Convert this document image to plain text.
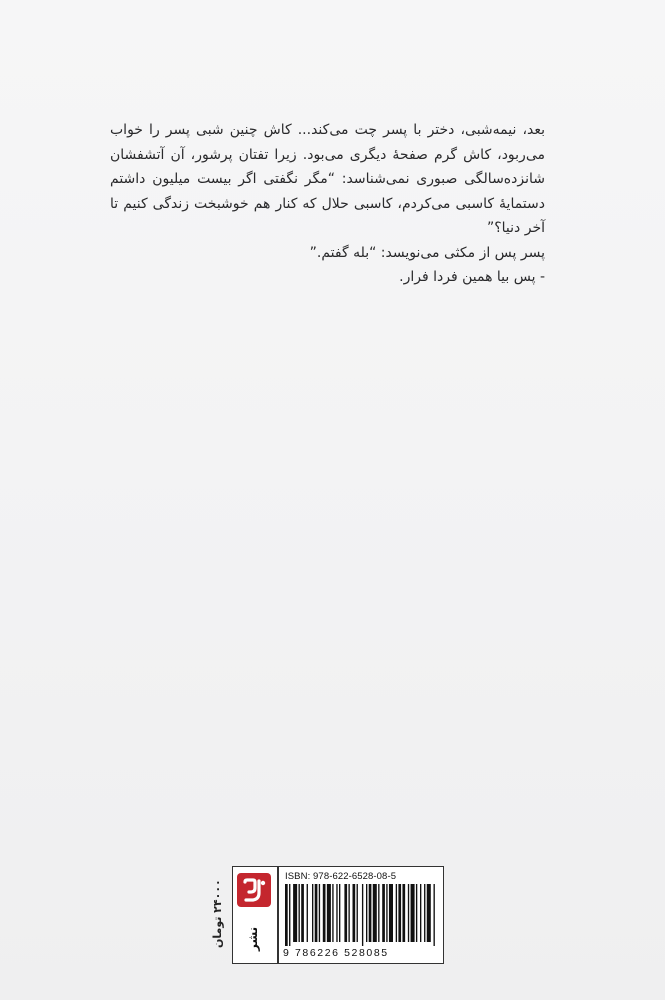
بعد، نیمه‌شبی، دختر با پسر چت می‌کند... کاش چنین شبی پسر را خواب می‌ربود، کاش گرم صفحهٔ دیگری می‌بود. زیرا تفتان پرشور، آن آتشفشان شانزده‌سالگی صبوری نمی‌شناسد: “مگر نگفتی اگر بیست میلیون داشتم دستمایهٔ کاسبی می‌کردم، کاسبی حلال که کنار هم خوشبخت زندگی کنیم تا آخر دنیا؟”

پسر پس از مکثی می‌نویسد: “بله گفتم.”

- پس بیا همین فردا فرار.

۲۴۰۰۰ تومان
نشر
ISBN: 978-622-6528-08-5
9 786226 528085
